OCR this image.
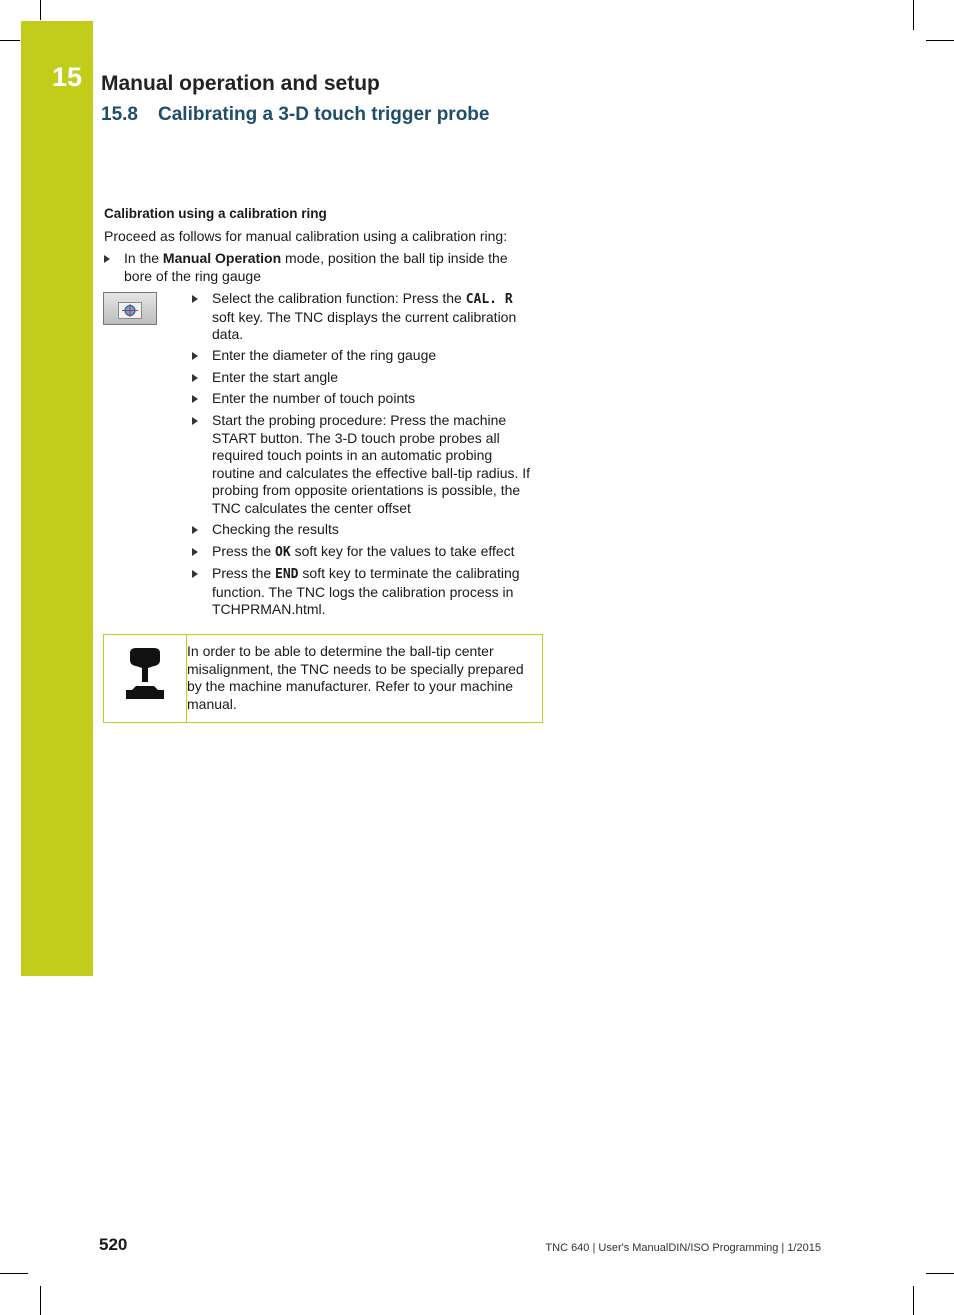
15 Manual operation and setup
15.8 Calibrating a 3-D touch trigger probe
Calibration using a calibration ring
Proceed as follows for manual calibration using a calibration ring:
In the Manual Operation mode, position the ball tip inside the bore of the ring gauge
Select the calibration function: Press the CAL. R soft key. The TNC displays the current calibration data.
Enter the diameter of the ring gauge
Enter the start angle
Enter the number of touch points
Start the probing procedure: Press the machine START button. The 3-D touch probe probes all required touch points in an automatic probing routine and calculates the effective ball-tip radius. If probing from opposite orientations is possible, the TNC calculates the center offset
Checking the results
Press the OK soft key for the values to take effect
Press the END soft key to terminate the calibrating function. The TNC logs the calibration process in TCHPRMAN.html.
In order to be able to determine the ball-tip center misalignment, the TNC needs to be specially prepared by the machine manufacturer. Refer to your machine manual.
520	TNC 640 | User's ManualDIN/ISO Programming | 1/2015
